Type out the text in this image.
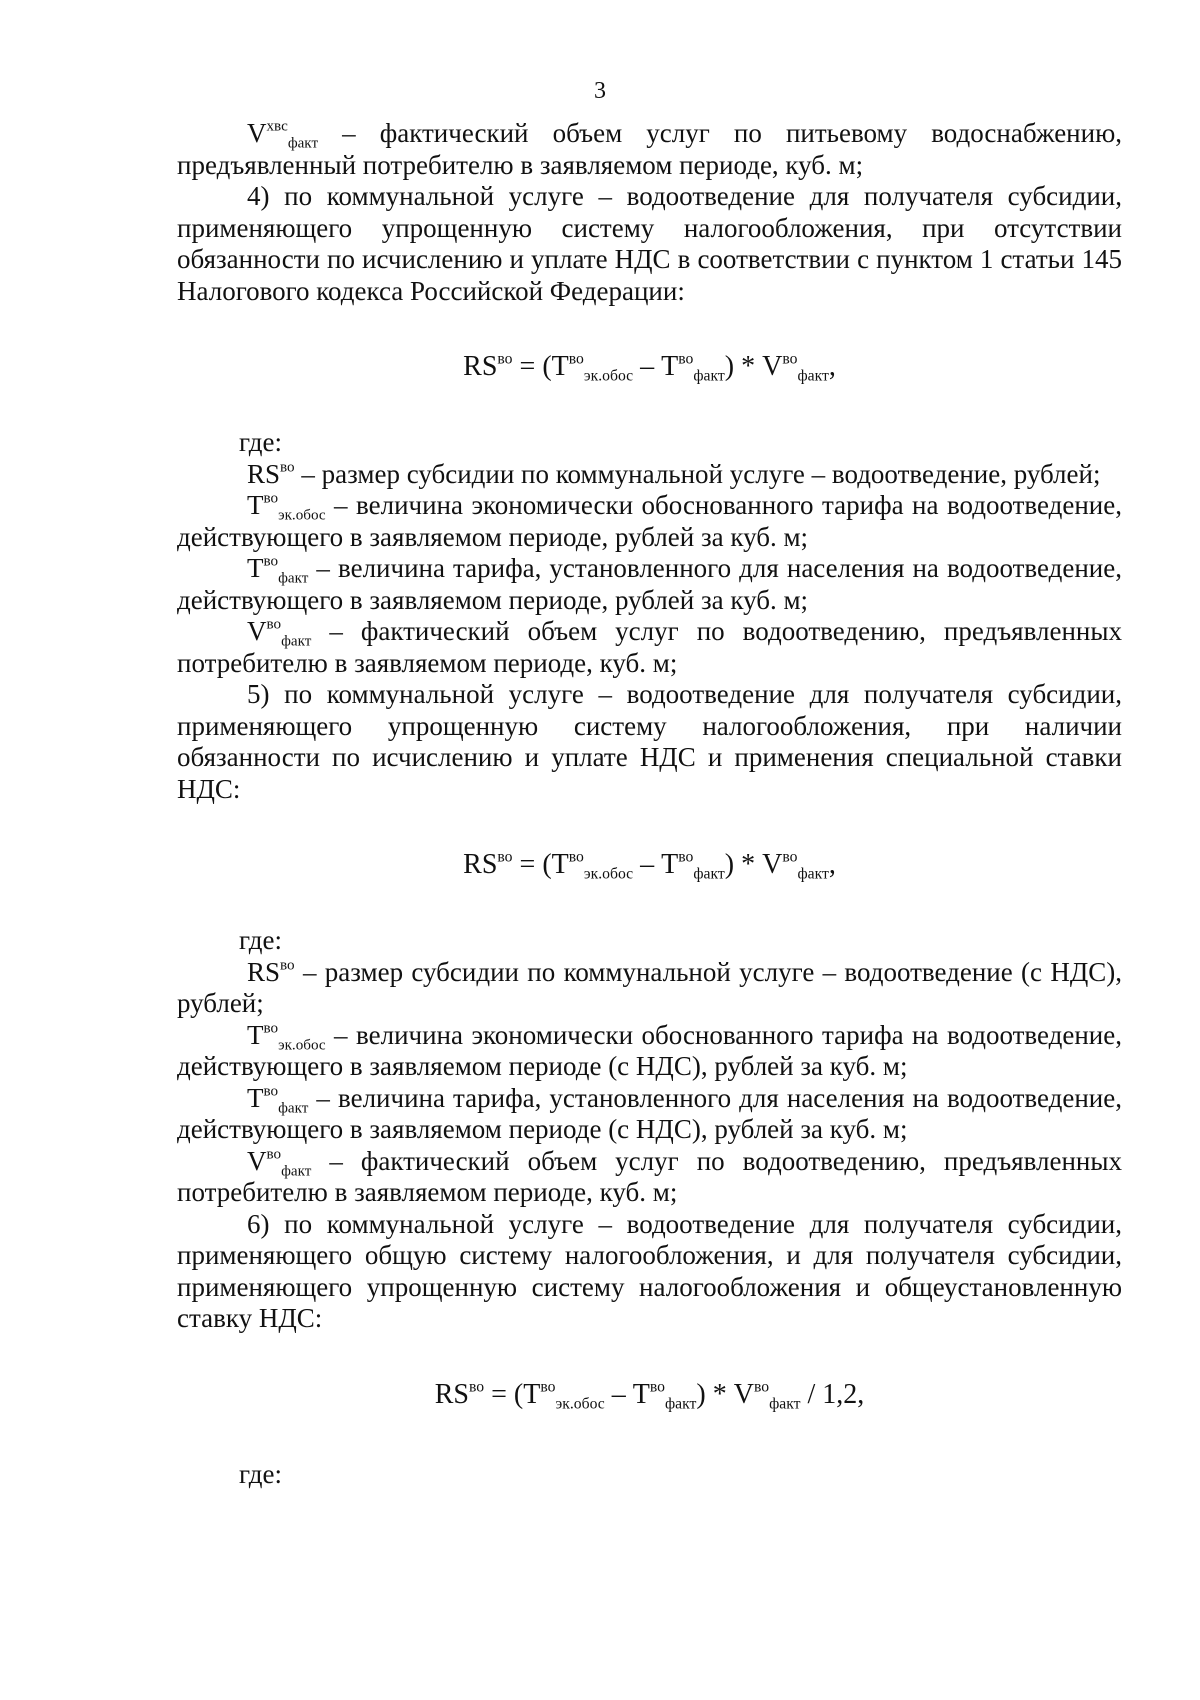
3

$V^{хвс}_{факт}$ – фактический объем услуг по питьевому водоснабжению, предъявленный потребителю в заявляемом периоде, куб. м;

4) по коммунальной услуге – водоотведение для получателя субсидии, применяющего упрощенную систему налогообложения, при отсутствии обязанности по исчислению и уплате НДС в соответствии с пунктом 1 статьи 145 Налогового кодекса Российской Федерации:

$RS^{во} = (T^{во}_{эк.обос} - T^{во}_{факт}) * V^{во}_{факт}$,

где:

$RS^{во}$ – размер субсидии по коммунальной услуге – водоотведение, рублей;

$T^{во}_{эк.обос}$ – величина экономически обоснованного тарифа на водоотведение, действующего в заявляемом периоде, рублей за куб. м;

$T^{во}_{факт}$ – величина тарифа, установленного для населения на водоотведение, действующего в заявляемом периоде, рублей за куб. м;

$V^{во}_{факт}$ – фактический объем услуг по водоотведению, предъявленных потребителю в заявляемом периоде, куб. м;

5) по коммунальной услуге – водоотведение для получателя субсидии, применяющего упрощенную систему налогообложения, при наличии обязанности по исчислению и уплате НДС и применения специальной ставки НДС:

$RS^{во} = (T^{во}_{эк.обос} - T^{во}_{факт}) * V^{во}_{факт}$,

где:

$RS^{во}$ – размер субсидии по коммунальной услуге – водоотведение (с НДС), рублей;

$T^{во}_{эк.обос}$ – величина экономически обоснованного тарифа на водоотведение, действующего в заявляемом периоде (с НДС), рублей за куб. м;

$T^{во}_{факт}$ – величина тарифа, установленного для населения на водоотведение, действующего в заявляемом периоде (с НДС), рублей за куб. м;

$V^{во}_{факт}$ – фактический объем услуг по водоотведению, предъявленных потребителю в заявляемом периоде, куб. м;

6) по коммунальной услуге – водоотведение для получателя субсидии, применяющего общую систему налогообложения, и для получателя субсидии, применяющего упрощенную систему налогообложения и общеустановленную ставку НДС:

$RS^{во} = (T^{во}_{эк.обос} - T^{во}_{факт}) * V^{во}_{факт} / 1,2$,

где:
